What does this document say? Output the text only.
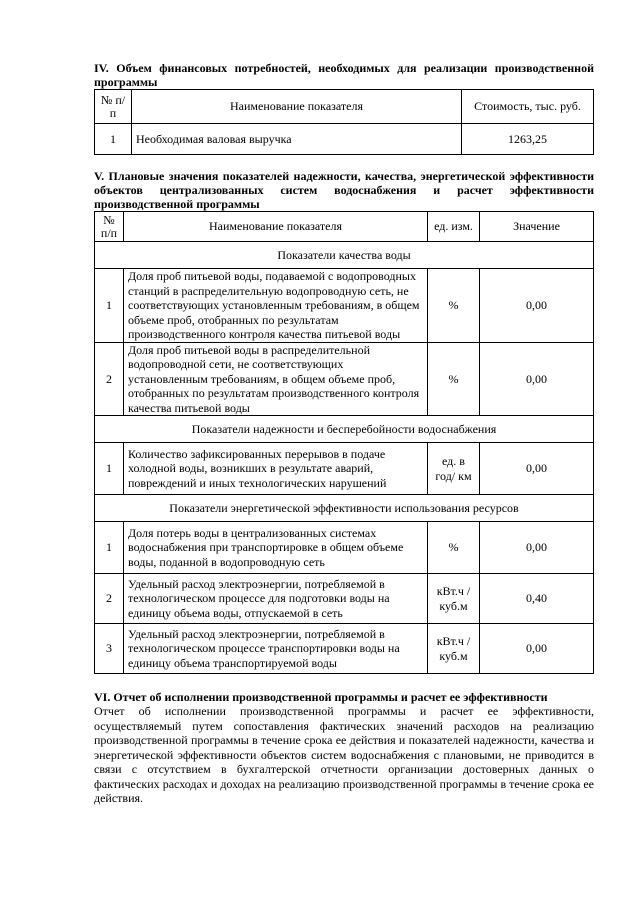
IV. Объем финансовых потребностей, необходимых для реализации производственной программы
№ п/п	Наименование показателя	Стоимость, тыс. руб.
1	Необходимая валовая выручка	1263,25
V. Плановые значения показателей надежности, качества, энергетической эффективности объектов централизованных систем водоснабжения и расчет эффективности производственной программы
№ п/п	Наименование показателя	ед. изм.	Значение
Показатели качества воды			
1	Доля проб питьевой воды, подаваемой с водопроводных станций в распределительную водопроводную сеть, не соответствующих установленным требованиям, в общем объеме проб, отобранных по результатам производственного контроля качества питьевой воды	%	0,00
2	Доля проб питьевой воды в распределительной водопроводной сети, не соответствующих установленным требованиям, в общем объеме проб, отобранных по результатам производственного контроля качества питьевой воды	%	0,00
Показатели надежности и бесперебойности водоснабжения			
1	Количество зафиксированных перерывов в подаче холодной воды, возникших в результате аварий, повреждений и иных технологических нарушений	ед. в год/ км	0,00
Показатели энергетической эффективности использования ресурсов			
1	Доля потерь воды в централизованных системах водоснабжения при транспортировке в общем объеме воды, поданной в водопроводную сеть	%	0,00
2	Удельный расход электроэнергии, потребляемой в технологическом процессе для подготовки воды на единицу объема воды, отпускаемой в сеть	кВт.ч / куб.м	0,40
3	Удельный расход электроэнергии, потребляемой в технологическом процессе транспортировки воды на единицу объема транспортируемой воды	кВт.ч / куб.м	0,00
VI. Отчет об исполнении производственной программы и расчет ее эффективности

Отчет об исполнении производственной программы и расчет ее эффективности, осуществляемый путем сопоставления фактических значений расходов на реализацию производственной программы в течение срока ее действия и показателей надежности, качества и энергетической эффективности объектов систем водоснабжения с плановыми, не приводится в связи с отсутствием в бухгалтерской отчетности организации достоверных данных о фактических расходах и доходах на реализацию производственной программы в течение срока ее действия.
